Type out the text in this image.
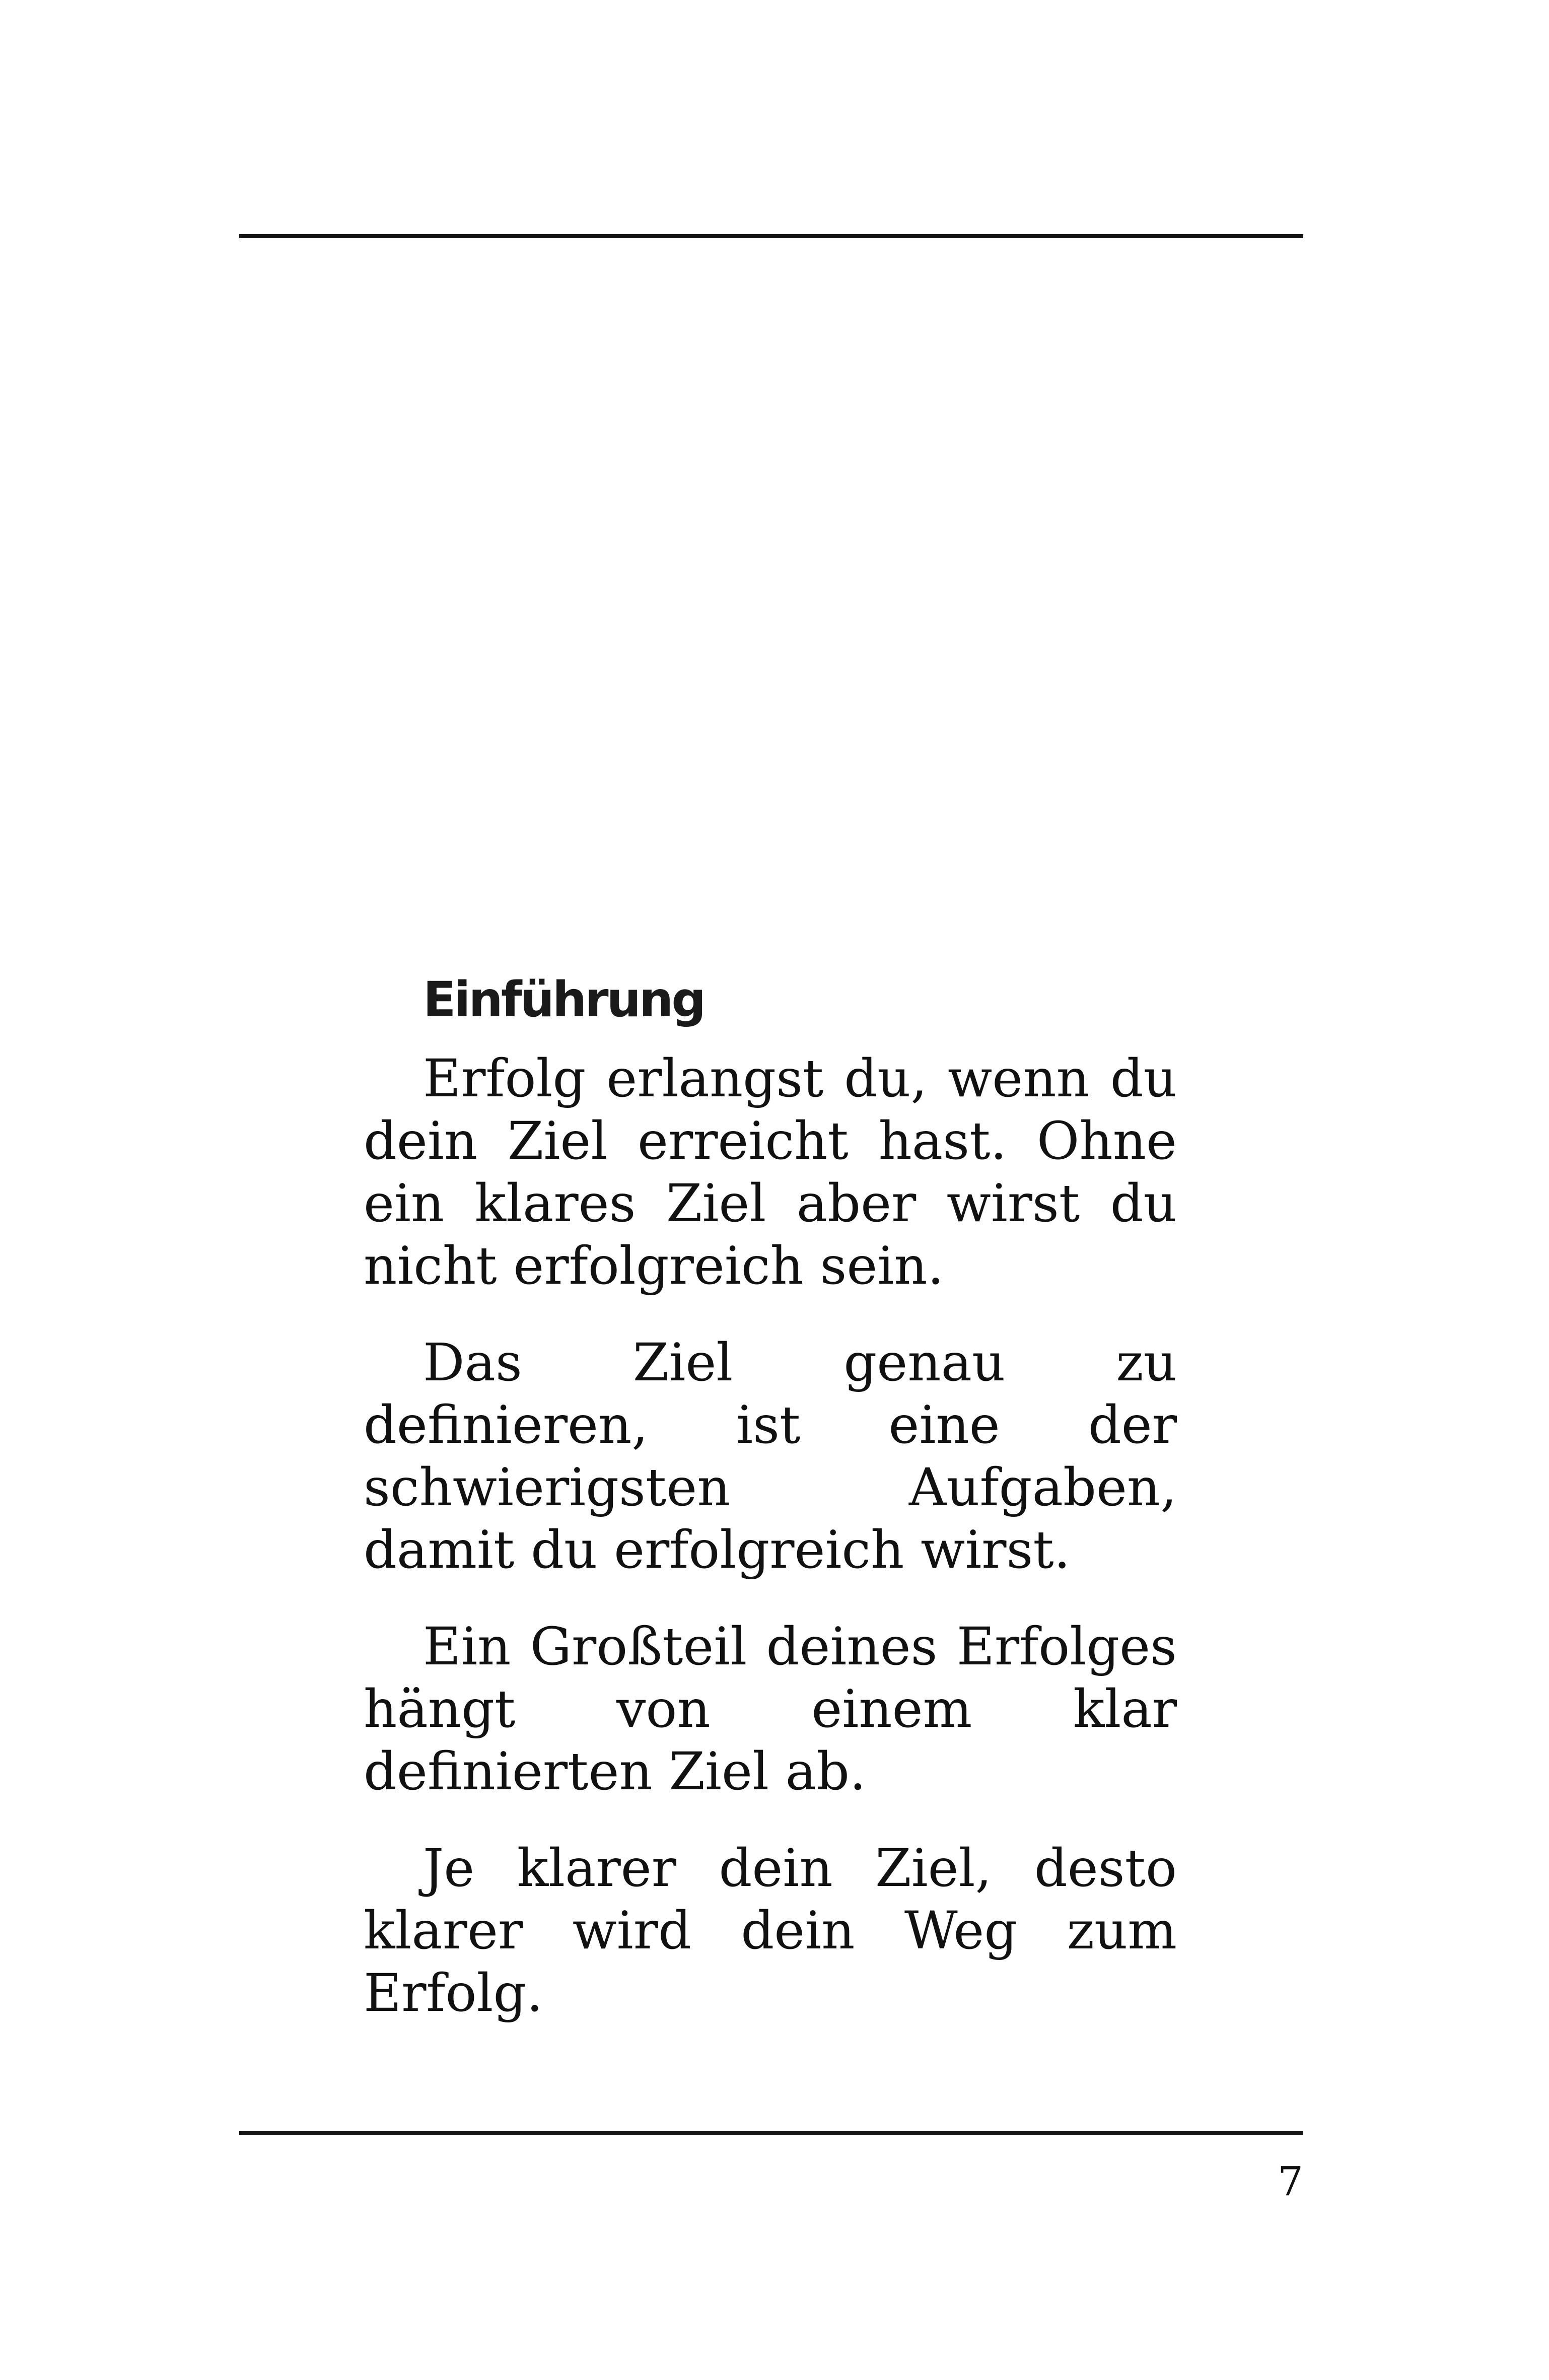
Einführung

Erfolg erlangst du, wenn du dein Ziel erreicht hast. Ohne ein klares Ziel aber wirst du nicht erfolgreich sein.

Das Ziel genau zu definieren, ist eine der schwierigsten Aufgaben, damit du erfolgreich wirst.

Ein Großteil deines Erfolges hängt von einem klar definierten Ziel ab.

Je klarer dein Ziel, desto klarer wird dein Weg zum Erfolg.

7
